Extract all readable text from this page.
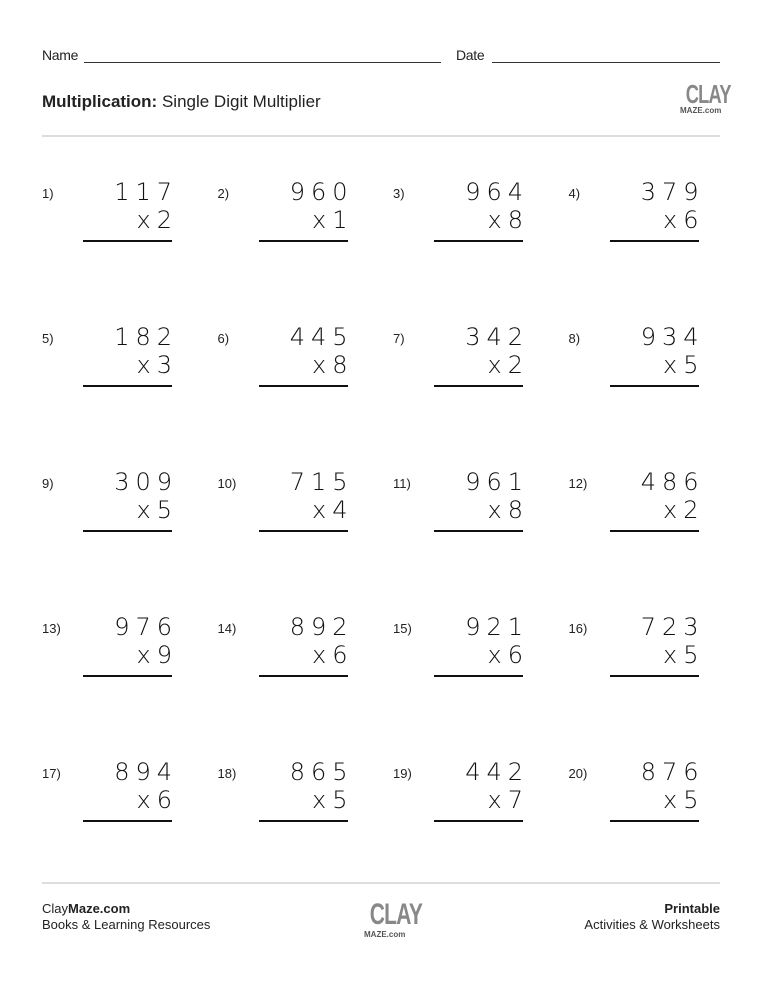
Name	Date
Multiplication: Single Digit Multiplier	CLAY
MAZE.com
1)	117
x2
2)	960
x1
3)	964
x8
4)	379
x6
5)	182
x3
6)	445
x8
7)	342
x2
8)	934
x5
9)	309
x5
10) 715
x4
11) 961
x8
12) 486
x2
13) 976
x9
14) 892
x6
15) 921
x6
16) 723
x5
17) 894
x6
18) 865
x5
19) 442
x7
20) 876
x5
ClayMaze.com
Books & Learning Resources	CLAY
MAZE.com
Printable
Activities & Worksheets
